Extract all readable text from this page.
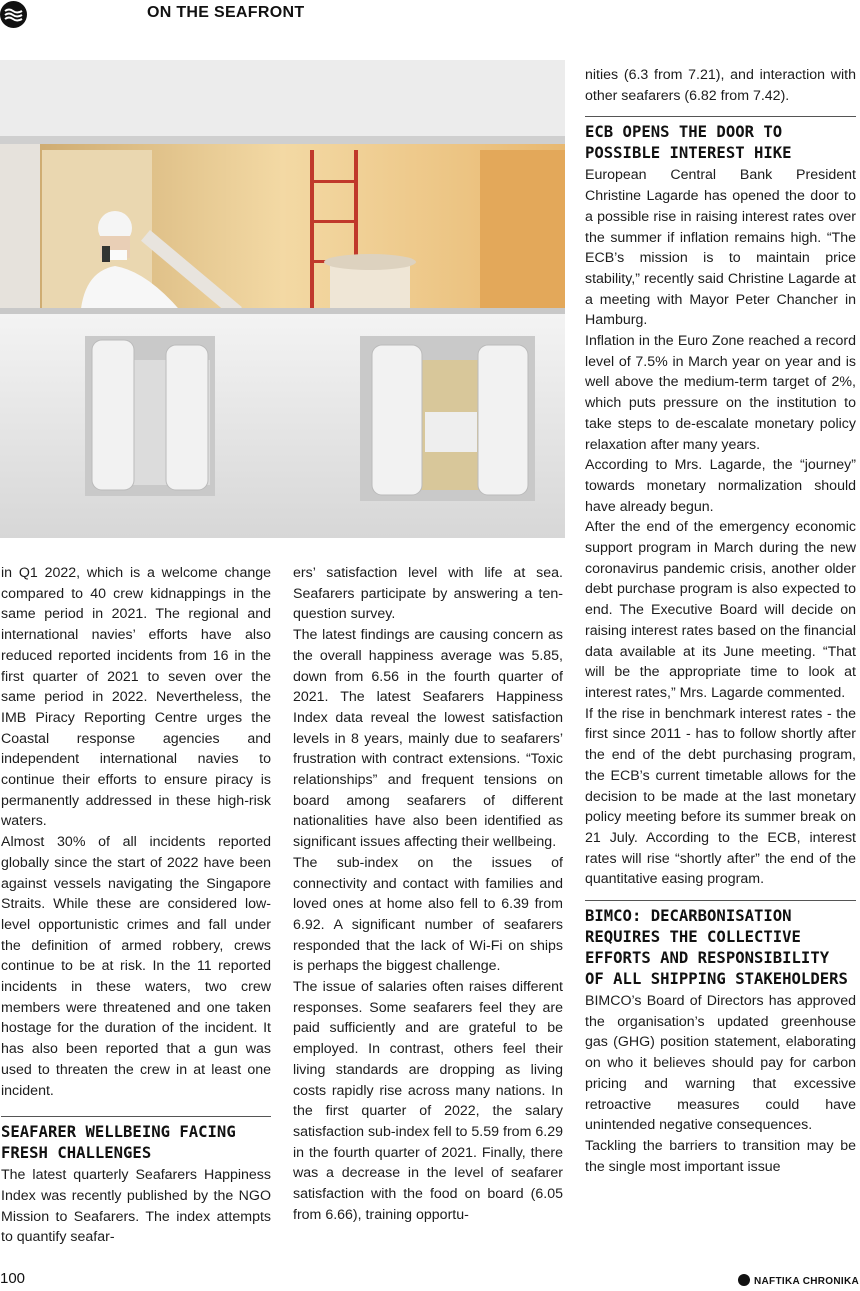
ON THE SEAFRONT

in Q1 2022, which is a welcome change compared to 40 crew kidnappings in the same period in 2021. The regional and international navies’ efforts have also reduced reported incidents from 16 in the first quarter of 2021 to seven over the same period in 2022. Nevertheless, the IMB Piracy Reporting Centre urges the Coastal response agencies and independent international navies to continue their efforts to ensure piracy is permanently addressed in these high-risk waters.

Almost 30% of all incidents reported globally since the start of 2022 have been against vessels navigating the Singapore Straits. While these are considered low-level opportunistic crimes and fall under the definition of armed robbery, crews continue to be at risk. In the 11 reported incidents in these waters, two crew members were threatened and one taken hostage for the duration of the incident. It has also been reported that a gun was used to threaten the crew in at least one incident.

SEAFARER WELLBEING FACING FRESH CHALLENGES

The latest quarterly Seafarers Happiness Index was recently published by the NGO Mission to Seafarers. The index attempts to quantify seafar-

ers’ satisfaction level with life at sea. Seafarers participate by answering a ten-question survey.

The latest findings are causing concern as the overall happiness average was 5.85, down from 6.56 in the fourth quarter of 2021. The latest Seafarers Happiness Index data reveal the lowest satisfaction levels in 8 years, mainly due to seafarers’ frustration with contract extensions. “Toxic relationships” and frequent tensions on board among seafarers of different nationalities have also been identified as significant issues affecting their wellbeing.

The sub-index on the issues of connectivity and contact with families and loved ones at home also fell to 6.39 from 6.92. A significant number of seafarers responded that the lack of Wi-Fi on ships is perhaps the biggest challenge.

The issue of salaries often raises different responses. Some seafarers feel they are paid sufficiently and are grateful to be employed. In contrast, others feel their living standards are dropping as living costs rapidly rise across many nations. In the first quarter of 2022, the salary satisfaction sub-index fell to 5.59 from 6.29 in the fourth quarter of 2021. Finally, there was a decrease in the level of seafarer satisfaction with the food on board (6.05 from 6.66), training opportu-

nities (6.3 from 7.21), and interaction with other seafarers (6.82 from 7.42).

ECB OPENS THE DOOR TO POSSIBLE INTEREST HIKE

European Central Bank President Christine Lagarde has opened the door to a possible rise in raising interest rates over the summer if inflation remains high. “The ECB’s mission is to maintain price stability,” recently said Christine Lagarde at a meeting with Mayor Peter Chancher in Hamburg.

Inflation in the Euro Zone reached a record level of 7.5% in March year on year and is well above the medium-term target of 2%, which puts pressure on the institution to take steps to de-escalate monetary policy relaxation after many years.

According to Mrs. Lagarde, the “journey” towards monetary normalization should have already begun.

After the end of the emergency economic support program in March during the new coronavirus pandemic crisis, another older debt purchase program is also expected to end. The Executive Board will decide on raising interest rates based on the financial data available at its June meeting. “That will be the appropriate time to look at interest rates,” Mrs. Lagarde commented.

If the rise in benchmark interest rates - the first since 2011 - has to follow shortly after the end of the debt purchasing program, the ECB’s current timetable allows for the decision to be made at the last monetary policy meeting before its summer break on 21 July. According to the ECB, interest rates will rise “shortly after” the end of the quantitative easing program.

BIMCO: DECARBONISATION REQUIRES THE COLLECTIVE EFFORTS AND RESPONSIBILITY OF ALL SHIPPING STAKEHOLDERS

BIMCO’s Board of Directors has approved the organisation’s updated greenhouse gas (GHG) position statement, elaborating on who it believes should pay for carbon pricing and warning that excessive retroactive measures could have unintended negative consequences.

Tackling the barriers to transition may be the single most important issue

100	NAFTIKA CHRONIKA
